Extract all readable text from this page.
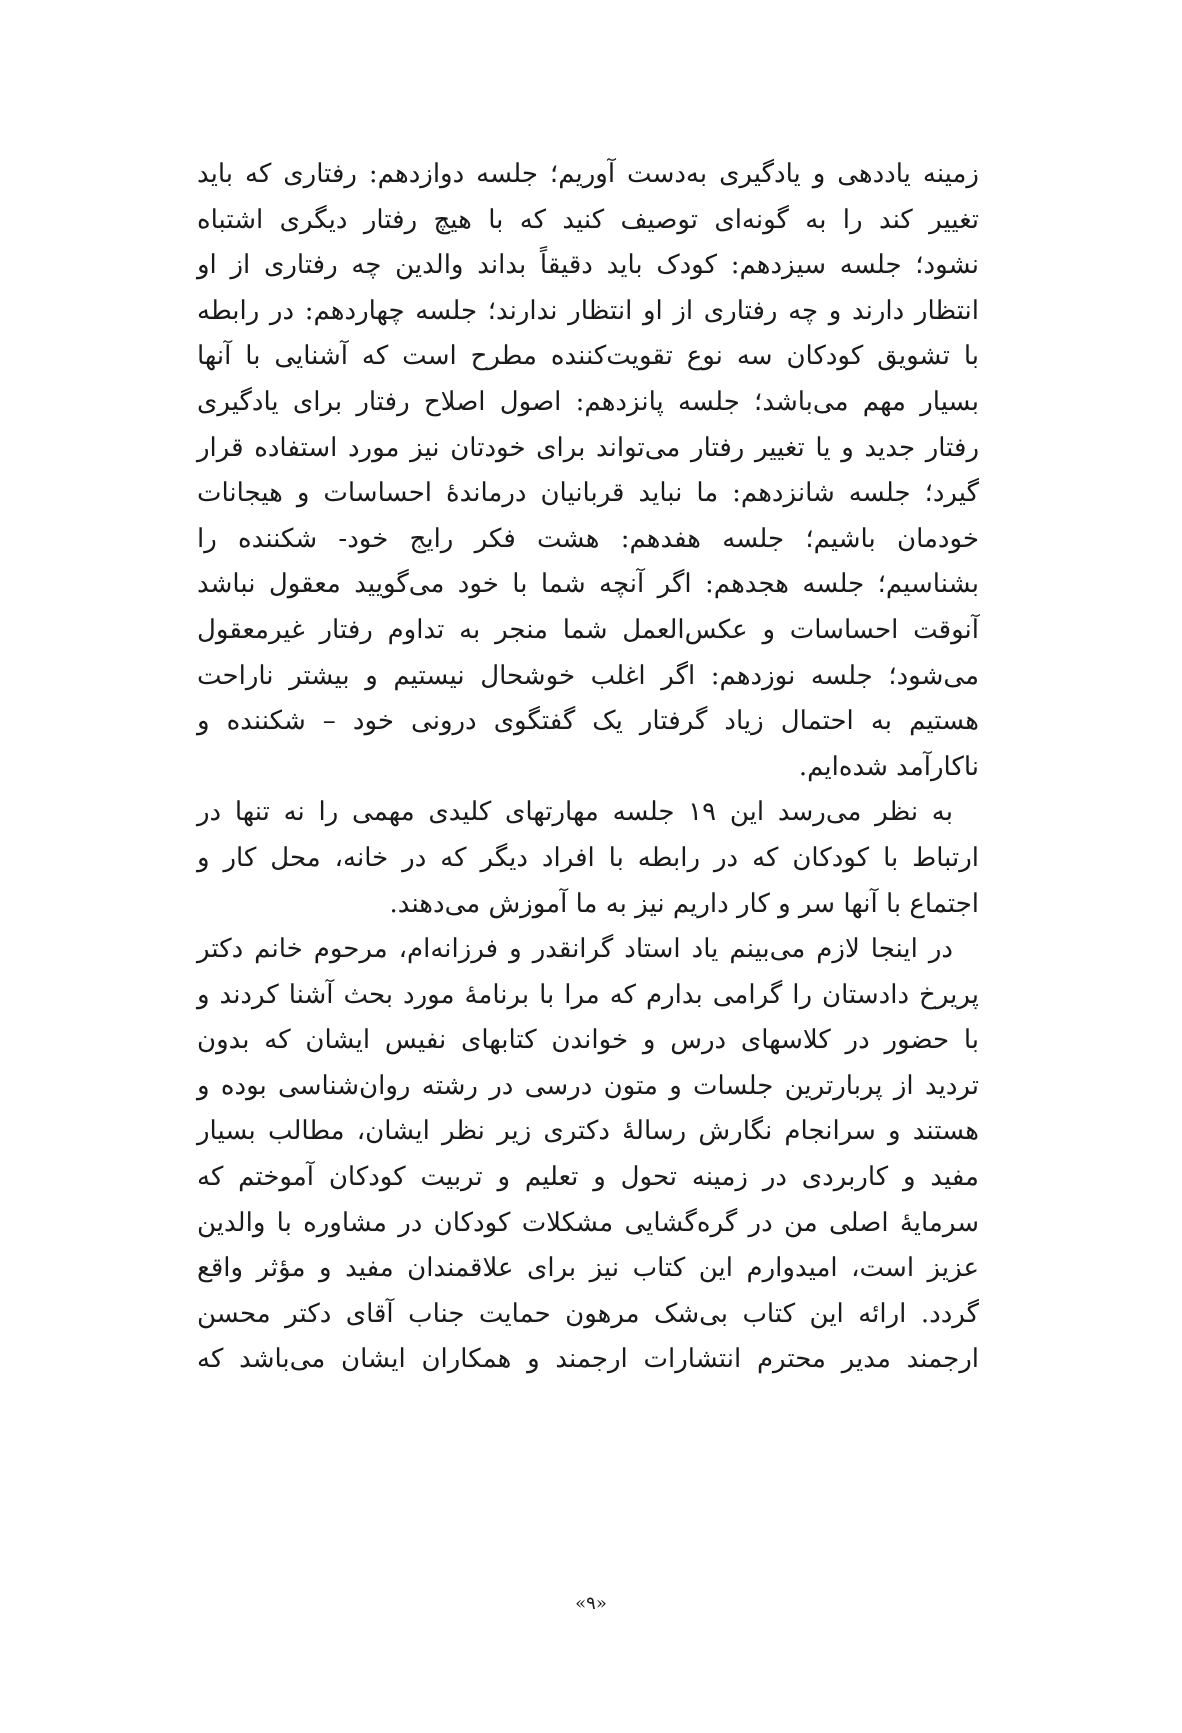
زمینه یاددهی و یادگیری به‌دست آوریم؛ جلسه دوازدهم: رفتاری که باید
تغییر کند را به گونه‌ای توصیف کنید که با هیچ رفتار دیگری اشتباه
نشود؛ جلسه سیزدهم: کودک باید دقیقاً بداند والدین چه رفتاری از او
انتظار دارند و چه رفتاری از او انتظار ندارند؛ جلسه چهاردهم: در رابطه
با تشویق کودکان سه نوع تقویت‌کننده مطرح است که آشنایی با آنها
بسیار مهم می‌باشد؛ جلسه پانزدهم: اصول اصلاح رفتار برای یادگیری
رفتار جدید و یا تغییر رفتار می‌تواند برای خودتان نیز مورد استفاده قرار
گیرد؛ جلسه شانزدهم: ما نباید قربانیان درماندهٔ احساسات و هیجانات
خودمان باشیم؛ جلسه هفدهم: هشت فکر رایج خود- شکننده را
بشناسیم؛ جلسه هجدهم: اگر آنچه شما با خود می‌گویید معقول نباشد
آنوقت احساسات و عکس‌العمل شما منجر به تداوم رفتار غیرمعقول
می‌شود؛ جلسه نوزدهم: اگر اغلب خوشحال نیستیم و بیشتر ناراحت
هستیم به احتمال زیاد گرفتار یک گفتگوی درونی خود – شکننده و
ناکارآمد شده‌ایم.
به نظر می‌رسد این ۱۹ جلسه مهارتهای کلیدی مهمی را نه تنها در
ارتباط با کودکان که در رابطه با افراد دیگر که در خانه، محل کار و
اجتماع با آنها سر و کار داریم نیز به ما آموزش می‌دهند.
در اینجا لازم می‌بینم یاد استاد گرانقدر و فرزانه‌ام، مرحوم خانم دکتر
پریرخ دادستان را گرامی بدارم که مرا با برنامهٔ مورد بحث آشنا کردند و
با حضور در کلاسهای درس و خواندن کتابهای نفیس ایشان که بدون
تردید از پربارترین جلسات و متون درسی در رشته روان‌شناسی بوده و
هستند و سرانجام نگارش رسالهٔ دکتری زیر نظر ایشان، مطالب بسیار
مفید و کاربردی در زمینه تحول و تعلیم و تربیت کودکان آموختم که
سرمایهٔ اصلی من در گره‌گشایی مشکلات کودکان در مشاوره با والدین
عزیز است، امیدوارم این کتاب نیز برای علاقمندان مفید و مؤثر واقع
گردد. ارائه این کتاب بی‌شک مرهون حمایت جناب آقای دکتر محسن
ارجمند مدیر محترم انتشارات ارجمند و همکاران ایشان می‌باشد که
«۹»
